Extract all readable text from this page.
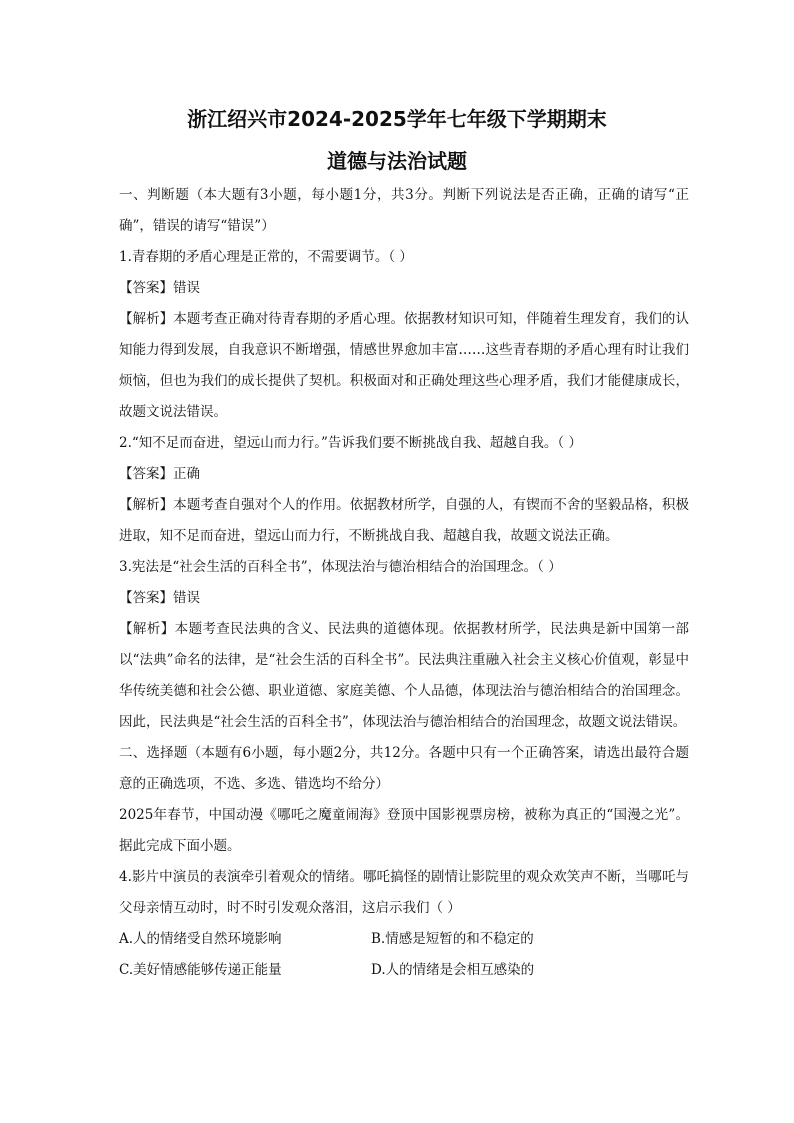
浙江绍兴市2024-2025学年七年级下学期期末
道德与法治试题

一、判断题（本大题有3小题，每小题1分，共3分。判断下列说法是否正确，正确的请写“正确”，错误的请写“错误”）

1.青春期的矛盾心理是正常的，不需要调节。（ ）

【答案】错误

【解析】本题考查正确对待青春期的矛盾心理。依据教材知识可知，伴随着生理发育，我们的认知能力得到发展，自我意识不断增强，情感世界愈加丰富……这些青春期的矛盾心理有时让我们烦恼，但也为我们的成长提供了契机。积极面对和正确处理这些心理矛盾，我们才能健康成长，故题文说法错误。

2.“知不足而奋进，望远山而力行。”告诉我们要不断挑战自我、超越自我。（ ）

【答案】正确

【解析】本题考查自强对个人的作用。依据教材所学，自强的人，有锲而不舍的坚毅品格，积极进取，知不足而奋进，望远山而力行，不断挑战自我、超越自我，故题文说法正确。

3.宪法是“社会生活的百科全书”，体现法治与德治相结合的治国理念。（ ）

【答案】错误

【解析】本题考查民法典的含义、民法典的道德体现。依据教材所学，民法典是新中国第一部以“法典”命名的法律，是“社会生活的百科全书”。民法典注重融入社会主义核心价值观，彰显中华传统美德和社会公德、职业道德、家庭美德、个人品德，体现法治与德治相结合的治国理念。因此，民法典是“社会生活的百科全书”，体现法治与德治相结合的治国理念，故题文说法错误。

二、选择题（本题有6小题，每小题2分，共12分。各题中只有一个正确答案，请选出最符合题意的正确选项，不选、多选、错选均不给分）

2025年春节，中国动漫《哪吒之魔童闹海》登顶中国影视票房榜，被称为真正的“国漫之光”。据此完成下面小题。

4.影片中演员的表演牵引着观众的情绪。哪吒搞怪的剧情让影院里的观众欢笑声不断，当哪吒与父母亲情互动时，时不时引发观众落泪，这启示我们（ ）

A.人的情绪受自然环境影响	B.情感是短暂的和不稳定的
C.美好情感能够传递正能量	D.人的情绪是会相互感染的
